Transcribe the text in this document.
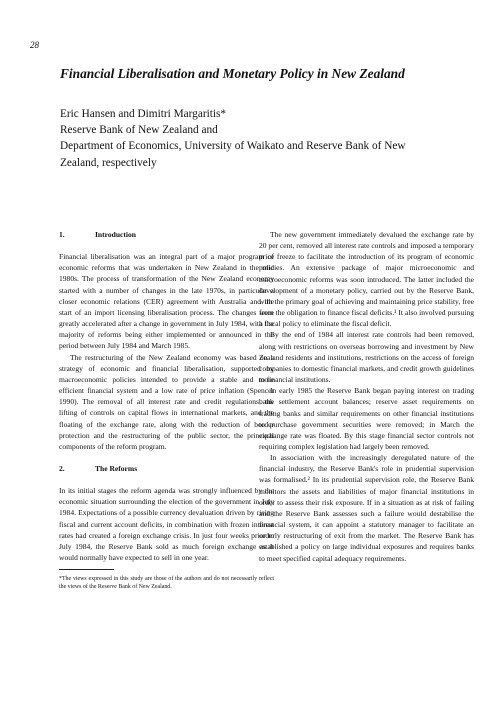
28
Financial Liberalisation and Monetary Policy in New Zealand
Eric Hansen and Dimitri Margaritis*
Reserve Bank of New Zealand and
Department of Economics, University of Waikato and Reserve Bank of New
Zealand, respectively
1.	Introduction

Financial liberalisation was an integral part of a major program of economic reforms that was undertaken in New Zealand in the mid 1980s. The process of transformation of the New Zealand economy started with a number of changes in the late 1970s, in particular a closer economic relations (CER) agreement with Australia and the start of an import licensing liberalisation process. The changes were greatly accelerated after a change in government in July 1984, with the majority of reforms being either implemented or announced in the period between July 1984 and March 1985.

The restructuring of the New Zealand economy was based on a strategy of economic and financial liberalisation, supported by macroeconomic policies intended to provide a stable and more efficient financial system and a low rate of price inflation (Spencer 1990). The removal of all interest rate and credit regulations, the lifting of controls on capital flows in international markets, and the floating of the exchange rate, along with the reduction of border protection and the restructuring of the public sector, the principal components of the reform program.

2.	The Reforms

In its initial stages the reform agenda was strongly influenced by the economic situation surrounding the election of the government in July 1984. Expectations of a possible currency devaluation driven by rising fiscal and current account deficits, in combination with frozen interest rates had created a foreign exchange crisis. In just four weeks prior to July 1984, the Reserve Bank sold as much foreign exchange as it would normally have expected to sell in one year.

*The views expressed in this study are those of the authors and do not necessarily reflect the views of the Reserve Bank of New Zealand.

The new government immediately devalued the exchange rate by 20 per cent, removed all interest rate controls and imposed a temporary price freeze to facilitate the introduction of its program of economic policies. An extensive package of major microeconomic and macroeconomic reforms was soon introduced. The latter included the development of a monetary policy, carried out by the Reserve Bank, with the primary goal of achieving and maintaining price stability, free from the obligation to finance fiscal deficits.¹ It also involved pursuing a fiscal policy to eliminate the fiscal deficit.

By the end of 1984 all interest rate controls had been removed, along with restrictions on overseas borrowing and investment by New Zealand residents and institutions, restrictions on the access of foreign companies to domestic financial markets, and credit growth guidelines to financial institutions.

In early 1985 the Reserve Bank began paying interest on trading bank settlement account balances; reserve asset requirements on trading banks and similar requirements on other financial institutions to purchase government securities were removed; in March the exchange rate was floated. By this stage financial sector controls not requiring complex legislation had largely been removed.

In association with the increasingly deregulated nature of the financial industry, the Reserve Bank's role in prudential supervision was formalised.² In its prudential supervision role, the Reserve Bank monitors the assets and liabilities of major financial institutions in order to assess their risk exposure. If in a situation as at risk of failing and the Reserve Bank assesses such a failure would destabilise the financial system, it can appoint a statutory manager to facilitate an orderly restructuring of exit from the market. The Reserve Bank has established a policy on large individual exposures and requires banks to meet specified capital adequacy requirements.
